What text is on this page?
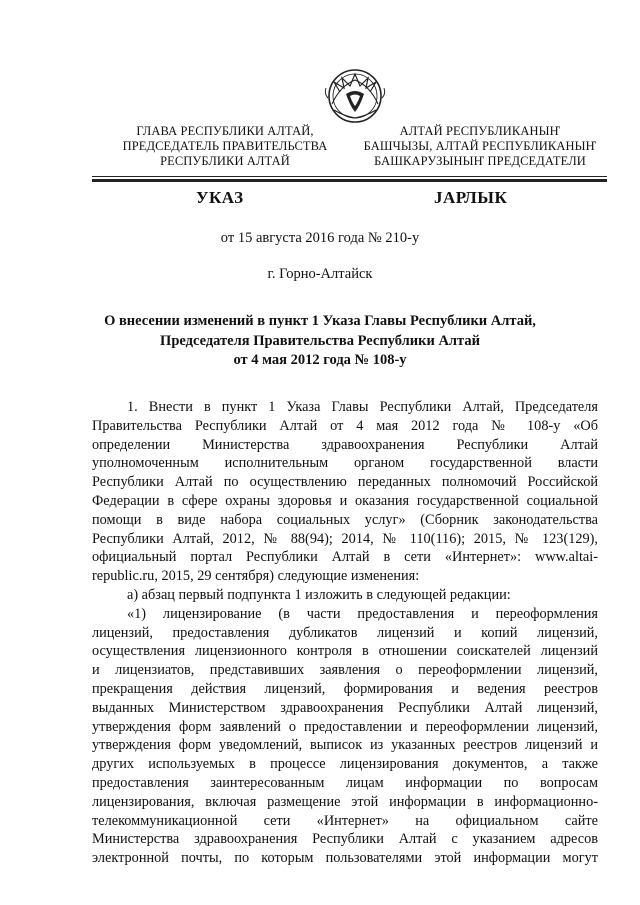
ГЛАВА РЕСПУБЛИКИ АЛТАЙ,
ПРЕДСЕДАТЕЛЬ ПРАВИТЕЛЬСТВА
РЕСПУБЛИКИ АЛТАЙ
АЛТАЙ РЕСПУБЛИКАНЫҤ
БАШЧЫЗЫ, АЛТАЙ РЕСПУБЛИКАНЫҤ
БАШКАРУЗЫНЫҤ ПРЕДСЕДАТЕЛИ
УКАЗ	JАРЛЫК
от 15 августа 2016 года № 210-у
г. Горно-Алтайск
О внесении изменений в пункт 1 Указа Главы Республики Алтай,
Председателя Правительства Республики Алтай
от 4 мая 2012 года № 108-у
1. Внести в пункт 1 Указа Главы Республики Алтай, Председателя
Правительства Республики Алтай от 4 мая 2012 года № 108-у «Об
определении Министерства здравоохранения Республики Алтай
уполномоченным исполнительным органом государственной власти
Республики Алтай по осуществлению переданных полномочий Российской
Федерации в сфере охраны здоровья и оказания государственной социальной
помощи в виде набора социальных услуг» (Сборник законодательства
Республики Алтай, 2012, № 88(94); 2014, № 110(116); 2015, № 123(129),
официальный портал Республики Алтай в сети «Интернет»: www.altai-
republic.ru, 2015, 29 сентября) следующие изменения:
а) абзац первый подпункта 1 изложить в следующей редакции:
«1) лицензирование (в части предоставления и переоформления
лицензий, предоставления дубликатов лицензий и копий лицензий,
осуществления лицензионного контроля в отношении соискателей лицензий
и лицензиатов, представивших заявления о переоформлении лицензий,
прекращения действия лицензий, формирования и ведения реестров
выданных Министерством здравоохранения Республики Алтай лицензий,
утверждения форм заявлений о предоставлении и переоформлении лицензий,
утверждения форм уведомлений, выписок из указанных реестров лицензий и
других используемых в процессе лицензирования документов, а также
предоставления заинтересованным лицам информации по вопросам
лицензирования, включая размещение этой информации в информационно-
телекоммуникационной сети «Интернет» на официальном сайте
Министерства здравоохранения Республики Алтай с указанием адресов
электронной почты, по которым пользователями этой информации могут
